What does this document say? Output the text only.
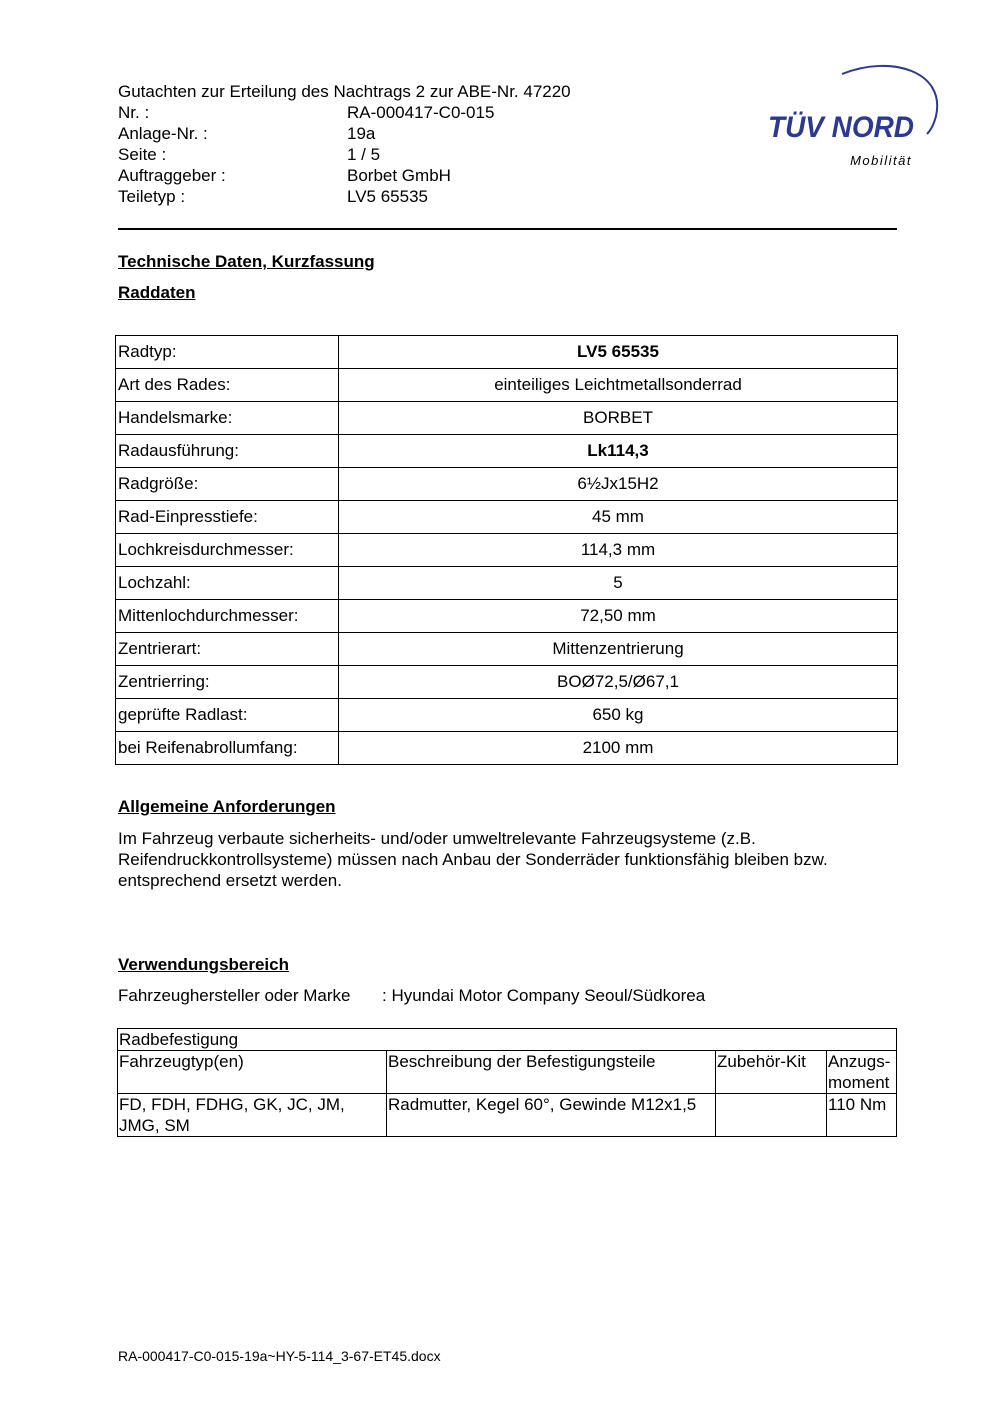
Gutachten zur Erteilung des Nachtrags 2 zur ABE-Nr. 47220
Nr. :	RA-000417-C0-015
Anlage-Nr. :	19a
Seite :	1 / 5
Auftraggeber :	Borbet GmbH
Teiletyp :	LV5 65535
TÜV NORD
Mobilität
Technische Daten, Kurzfassung
Raddaten
Radtyp:	LV5 65535
Art des Rades:	einteiliges Leichtmetallsonderrad
Handelsmarke:	BORBET
Radausführung:	Lk114,3
Radgröße:	6½Jx15H2
Rad-Einpresstiefe:	45 mm
Lochkreisdurchmesser:	114,3 mm
Lochzahl:	5
Mittenlochdurchmesser:	72,50 mm
Zentrierart:	Mittenzentrierung
Zentrierring:	BOØ72,5/Ø67,1
geprüfte Radlast:	650 kg
bei Reifenabrollumfang:	2100 mm
Allgemeine Anforderungen
Im Fahrzeug verbaute sicherheits- und/oder umweltrelevante Fahrzeugsysteme (z.B. Reifendruckkontrollsysteme) müssen nach Anbau der Sonderräder funktionsfähig bleiben bzw. entsprechend ersetzt werden.
Verwendungsbereich
Fahrzeughersteller oder Marke : Hyundai Motor Company Seoul/Südkorea
Radbefestigung			
Fahrzeugtyp(en)	Beschreibung der Befestigungsteile	Zubehör-Kit	Anzugs-moment
FD, FDH, FDHG, GK, JC, JM, JMG, SM	Radmutter, Kegel 60°, Gewinde M12x1,5		110 Nm
RA-000417-C0-015-19a~HY-5-114_3-67-ET45.docx
